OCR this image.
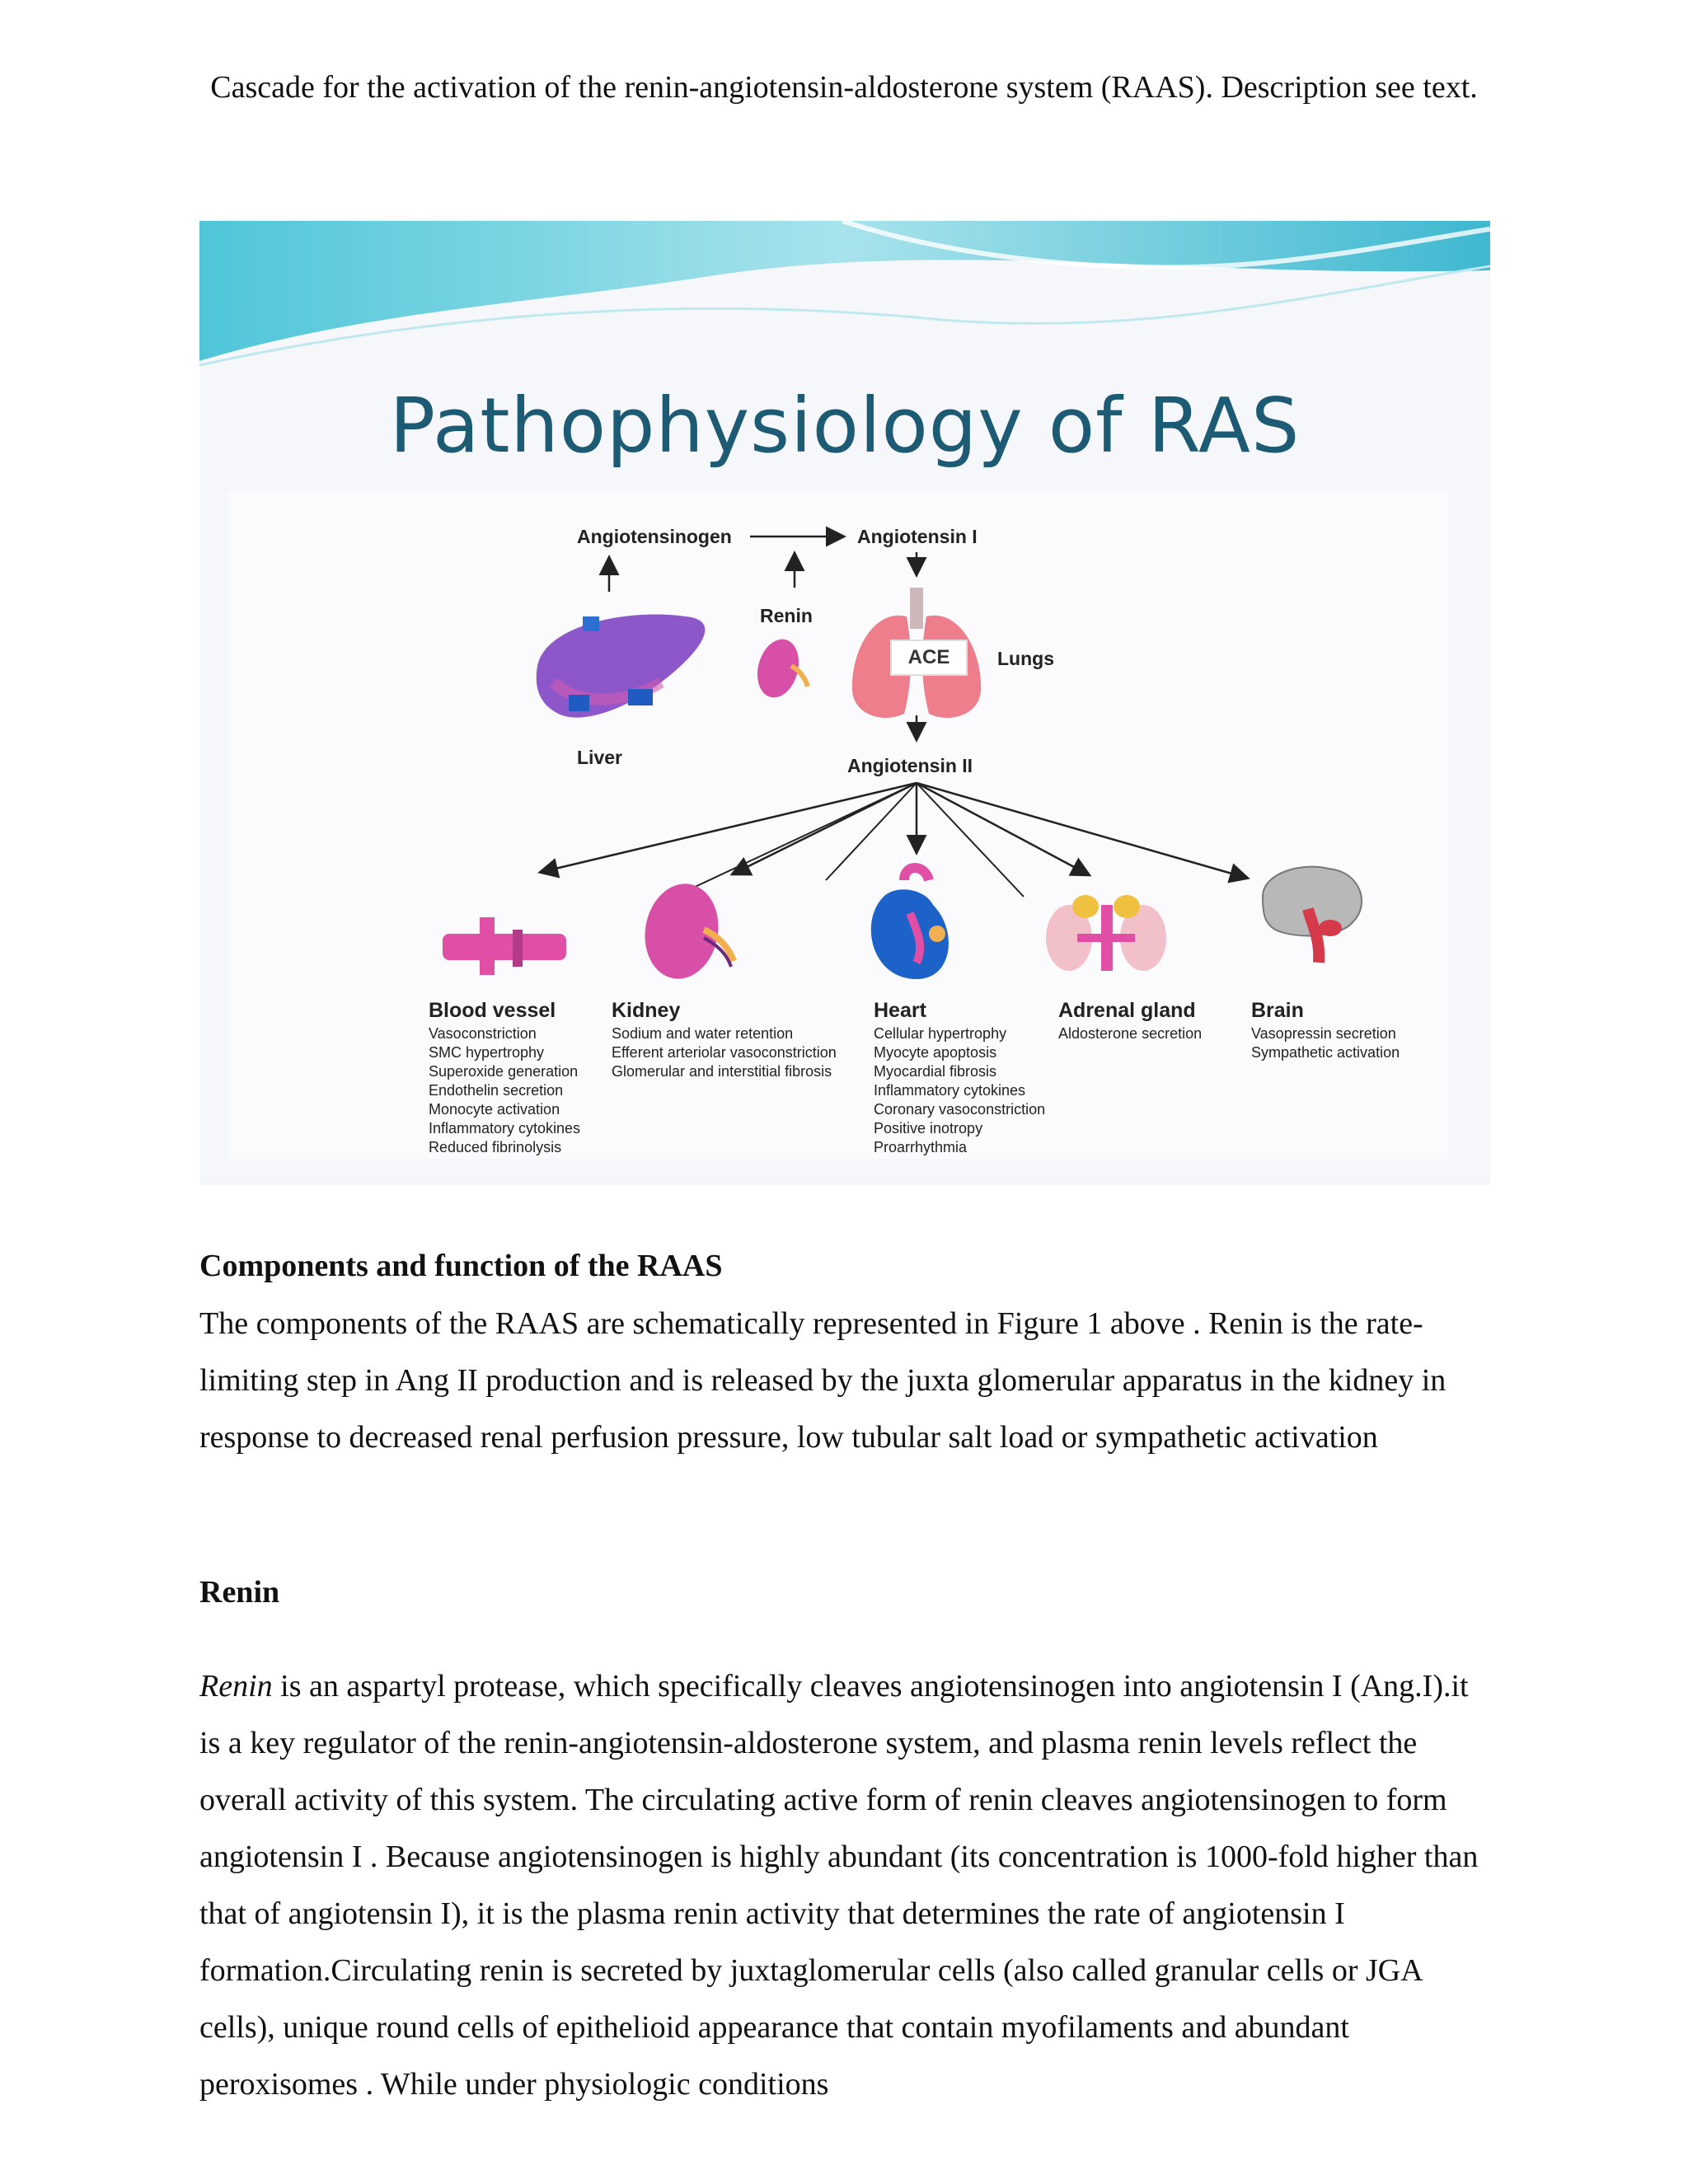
Cascade for the activation of the renin-angiotensin-aldosterone system (RAAS). Description see text.
Pathophysiology of RAS
Angiotensinogen	Angiotensin I
Renin
ACE	Lungs
Liver	Angiotensin II
Blood vessel
Vasoconstriction
SMC hypertrophy
Superoxide generation
Endothelin secretion
Monocyte activation
Inflammatory cytokines
Reduced fibrinolysis
Kidney
Sodium and water retention
Efferent arteriolar vasoconstriction
Glomerular and interstitial fibrosis
Heart
Cellular hypertrophy
Myocyte apoptosis
Myocardial fibrosis
Inflammatory cytokines
Coronary vasoconstriction
Positive inotropy
Proarrhythmia
Adrenal gland
Aldosterone secretion
Brain
Vasopressin secretion
Sympathetic activation
Components and function of the RAAS

The components of the RAAS are schematically represented in Figure 1 above . Renin is the rate-limiting step in Ang II production and is released by the juxta glomerular apparatus in the kidney in response to decreased renal perfusion pressure, low tubular salt load or sympathetic activation

Renin

Renin is an aspartyl protease, which specifically cleaves angiotensinogen into angiotensin I (Ang.I).it is a key regulator of the renin-angiotensin-aldosterone system, and plasma renin levels reflect the overall activity of this system. The circulating active form of renin cleaves angiotensinogen to form angiotensin I . Because angiotensinogen is highly abundant (its concentration is 1000-fold higher than that of angiotensin I), it is the plasma renin activity that determines the rate of angiotensin I formation.Circulating renin is secreted by juxtaglomerular cells (also called granular cells or JGA cells), unique round cells of epithelioid appearance that contain myofilaments and abundant peroxisomes . While under physiologic conditions
